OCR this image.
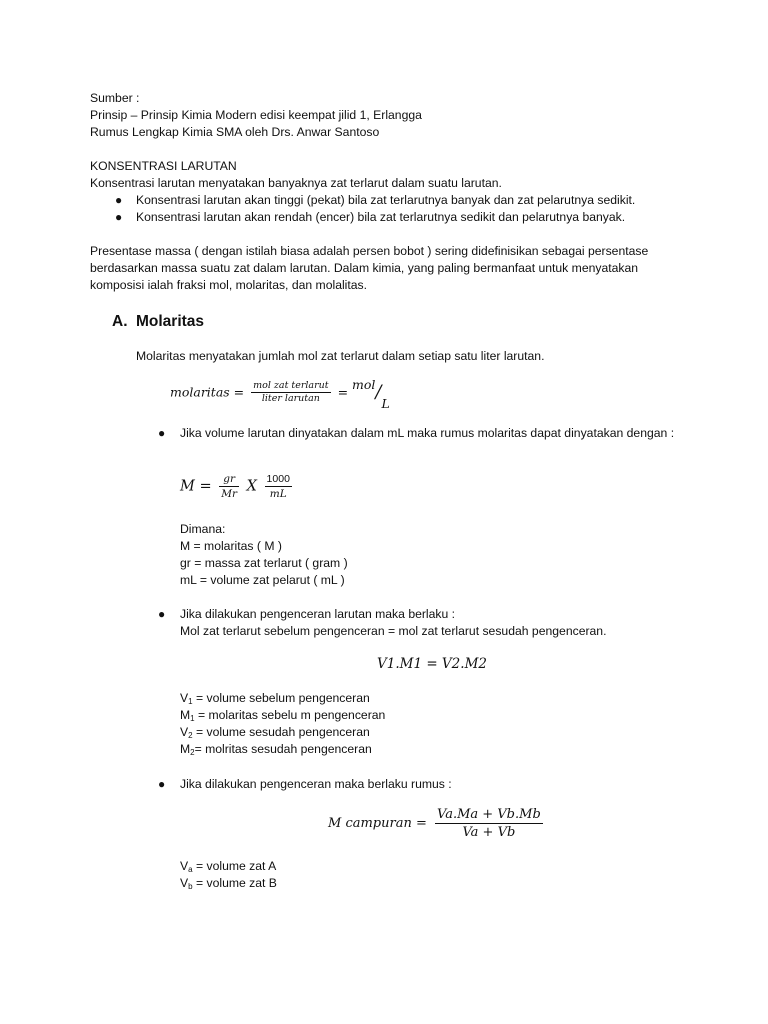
Sumber :
Prinsip – Prinsip Kimia Modern edisi keempat jilid 1, Erlangga
Rumus Lengkap Kimia SMA oleh Drs. Anwar Santoso
KONSENTRASI LARUTAN
Konsentrasi larutan menyatakan banyaknya zat terlarut dalam suatu larutan.
● Konsentrasi larutan akan tinggi (pekat) bila zat terlarutnya banyak dan zat pelarutnya sedikit.
● Konsentrasi larutan akan rendah (encer) bila zat terlarutnya sedikit dan pelarutnya banyak.
Presentase massa ( dengan istilah biasa adalah persen bobot ) sering didefinisikan sebagai persentase
berdasarkan massa suatu zat dalam larutan. Dalam kimia, yang paling bermanfaat untuk menyatakan
komposisi ialah fraksi mol, molaritas, dan molalitas.
A. Molaritas
Molaritas menyatakan jumlah mol zat terlarut dalam setiap satu liter larutan.
molaritas = $\frac{\text{mol zat terlarut}}{\text{liter larutan}} = mol/L$
● Jika volume larutan dinyatakan dalam mL maka rumus molaritas dapat dinyatakan dengan :
$M = \frac{gr}{Mr}$ X $\frac{1000}{mL}$
Dimana:
M = molaritas ( M )
gr = massa zat terlarut ( gram )
mL = volume zat pelarut ( mL )
● Jika dilakukan pengenceran larutan maka berlaku :
Mol zat terlarut sebelum pengenceran = mol zat terlarut sesudah pengenceran.
V1.M1 = V2.M2
$V_1$ = volume sebelum pengenceran
$M_1$ = molaritas sebelu m pengenceran
$V_2$ = volume sesudah pengenceran
$M_2=$ molritas sesudah pengenceran
● Jika dilakukan pengenceran maka berlaku rumus :
M campuran = $\frac{Va.Ma + Vb.Mb}{Va + Vb}$
$V_a$ = volume zat A
$V_b$ = volume zat B
